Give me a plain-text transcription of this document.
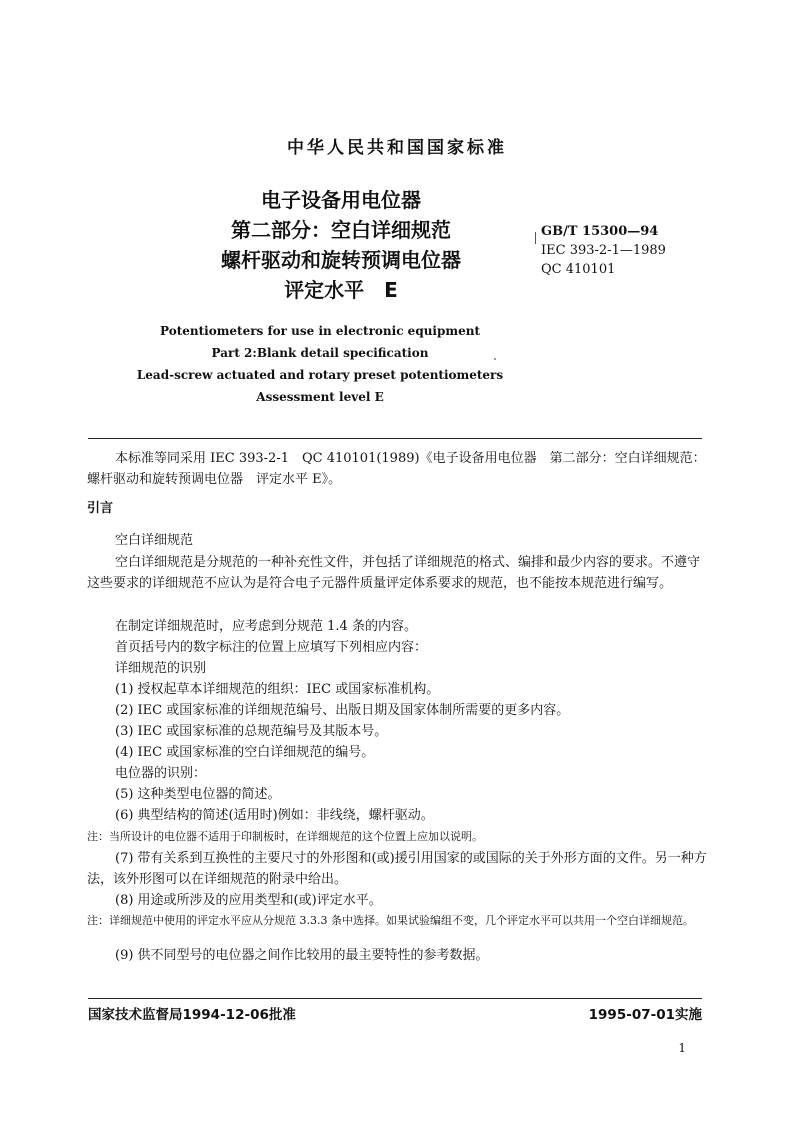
中华人民共和国国家标准
电子设备用电位器
第二部分：空白详细规范
螺杆驱动和旋转预调电位器
评定水平　E
GB/T 15300—94
IEC 393-2-1—1989
QC 410101
Potentiometers for use in electronic equipment
Part 2:Blank detail specification
Lead-screw actuated and rotary preset potentiometers
Assessment level E
本标准等同采用 IEC 393-2-1　QC 410101(1989)《电子设备用电位器　第二部分：空白详细规范：螺杆驱动和旋转预调电位器　评定水平 E》。
引言
空白详细规范
空白详细规范是分规范的一种补充性文件，并包括了详细规范的格式、编排和最少内容的要求。不遵守这些要求的详细规范不应认为是符合电子元器件质量评定体系要求的规范，也不能按本规范进行编写。
在制定详细规范时，应考虑到分规范 1.4 条的内容。
首页括号内的数字标注的位置上应填写下列相应内容：
详细规范的识别
(1) 授权起草本详细规范的组织：IEC 或国家标准机构。
(2) IEC 或国家标准的详细规范编号、出版日期及国家体制所需要的更多内容。
(3) IEC 或国家标准的总规范编号及其版本号。
(4) IEC 或国家标准的空白详细规范的编号。
电位器的识别：
(5) 这种类型电位器的简述。
(6) 典型结构的简述(适用时)例如：非线绕，螺杆驱动。
注：当所设计的电位器不适用于印制板时，在详细规范的这个位置上应加以说明。
(7) 带有关系到互换性的主要尺寸的外形图和(或)援引用国家的或国际的关于外形方面的文件。另一种方法，该外形图可以在详细规范的附录中给出。
(8) 用途或所涉及的应用类型和(或)评定水平。
注：详细规范中使用的评定水平应从分规范 3.3.3 条中选择。如果试验编组不变，几个评定水平可以共用一个空白详细规范。
(9) 供不同型号的电位器之间作比较用的最主要特性的参考数据。
国家技术监督局1994-12-06批准	1995-07-01实施
1
